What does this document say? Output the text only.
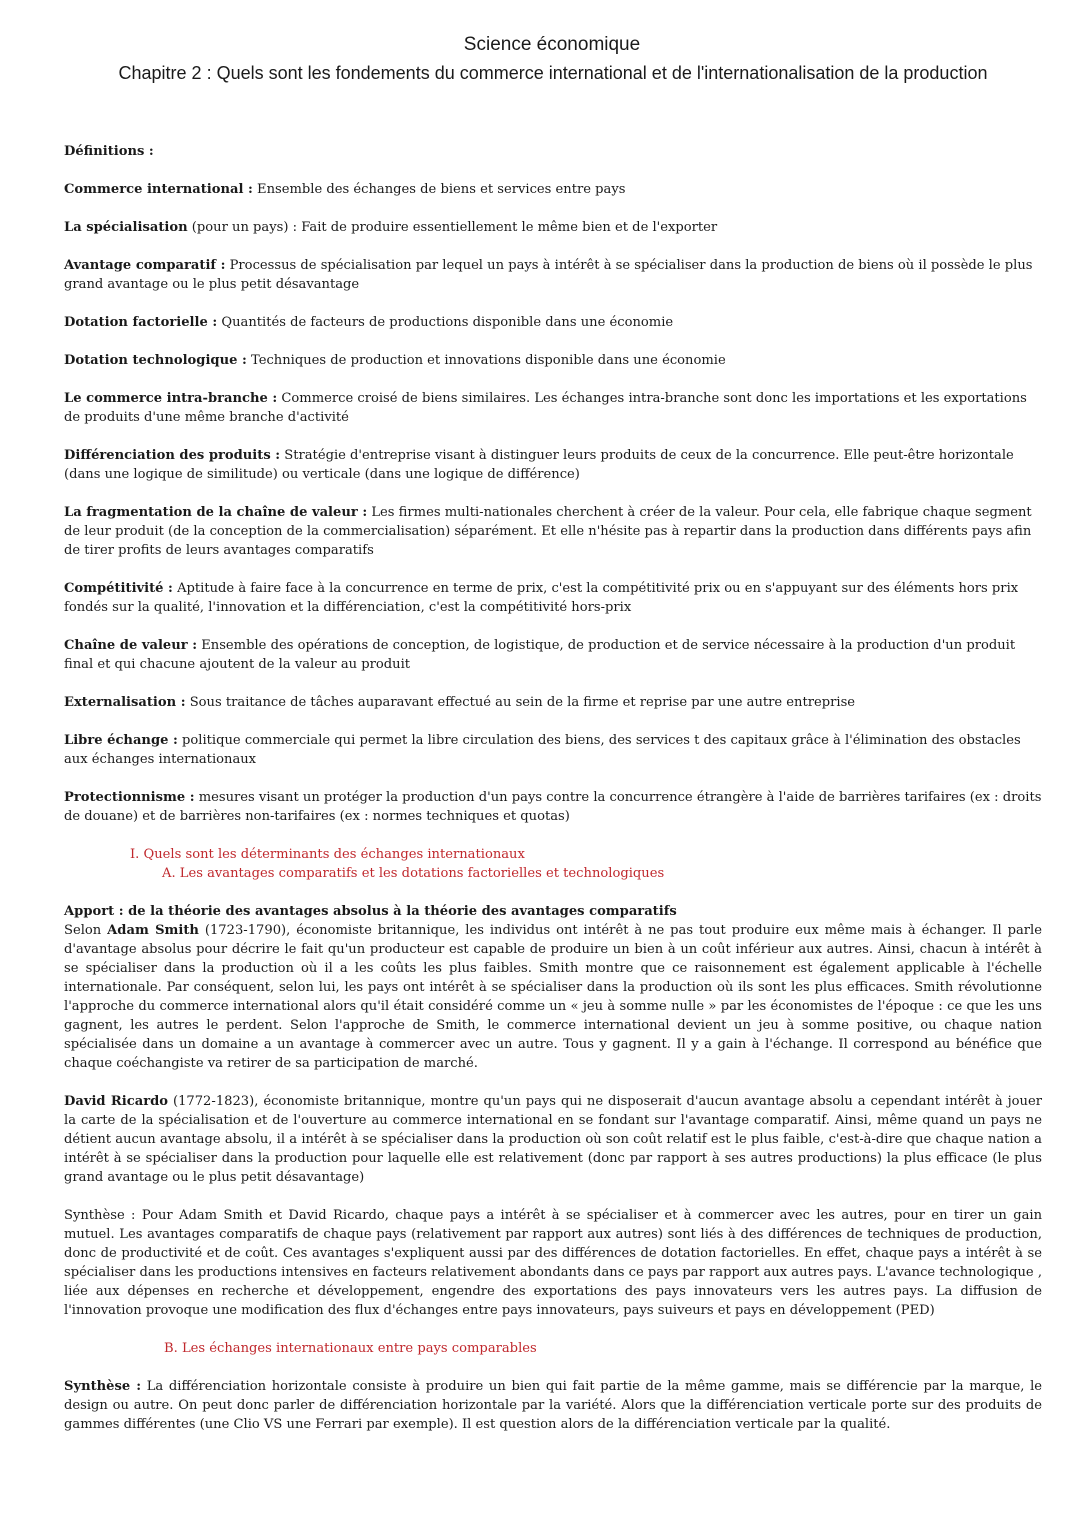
Science économique
Chapitre 2 : Quels sont les fondements du commerce international et de l'internationalisation de la production

Définitions :

Commerce international : Ensemble des échanges de biens et services entre pays

La spécialisation (pour un pays) : Fait de produire essentiellement le même bien et de l'exporter

Avantage comparatif : Processus de spécialisation par lequel un pays à intérêt à se spécialiser dans la production de biens où il possède le plus grand avantage ou le plus petit désavantage

Dotation factorielle : Quantités de facteurs de productions disponible dans une économie

Dotation technologique : Techniques de production et innovations disponible dans une économie

Le commerce intra-branche : Commerce croisé de biens similaires. Les échanges intra-branche sont donc les importations et les exportations de produits d'une même branche d'activité

Différenciation des produits : Stratégie d'entreprise visant à distinguer leurs produits de ceux de la concurrence. Elle peut-être horizontale (dans une logique de similitude) ou verticale (dans une logique de différence)

La fragmentation de la chaîne de valeur : Les firmes multi-nationales cherchent à créer de la valeur. Pour cela, elle fabrique chaque segment de leur produit (de la conception de la commercialisation) séparément. Et elle n'hésite pas à repartir dans la production dans différents pays afin de tirer profits de leurs avantages comparatifs

Compétitivité : Aptitude à faire face à la concurrence en terme de prix, c'est la compétitivité prix ou en s'appuyant sur des éléments hors prix fondés sur la qualité, l'innovation et la différenciation, c'est la compétitivité hors-prix

Chaîne de valeur : Ensemble des opérations de conception, de logistique, de production et de service nécessaire à la production d'un produit final et qui chacune ajoutent de la valeur au produit

Externalisation : Sous traitance de tâches auparavant effectué au sein de la firme et reprise par une autre entreprise

Libre échange : politique commerciale qui permet la libre circulation des biens, des services t des capitaux grâce à l'élimination des obstacles aux échanges internationaux

Protectionnisme : mesures visant un protéger la production d'un pays contre la concurrence étrangère à l'aide de barrières tarifaires (ex : droits de douane) et de barrières non-tarifaires (ex : normes techniques et quotas)

I. Quels sont les déterminants des échanges internationaux
A. Les avantages comparatifs et les dotations factorielles et technologiques

Apport : de la théorie des avantages absolus à la théorie des avantages comparatifs

Selon Adam Smith (1723-1790), économiste britannique, les individus ont intérêt à ne pas tout produire eux même mais à échanger. Il parle d'avantage absolus pour décrire le fait qu'un producteur est capable de produire un bien à un coût inférieur aux autres. Ainsi, chacun à intérêt à se spécialiser dans la production où il a les coûts les plus faibles. Smith montre que ce raisonnement est également applicable à l'échelle internationale. Par conséquent, selon lui, les pays ont intérêt à se spécialiser dans la production où ils sont les plus efficaces. Smith révolutionne l'approche du commerce international alors qu'il était considéré comme un « jeu à somme nulle » par les économistes de l'époque : ce que les uns gagnent, les autres le perdent. Selon l'approche de Smith, le commerce international devient un jeu à somme positive, ou chaque nation spécialisée dans un domaine a un avantage à commercer avec un autre. Tous y gagnent. Il y a gain à l'échange. Il correspond au bénéfice que chaque coéchangiste va retirer de sa participation de marché.

David Ricardo (1772-1823), économiste britannique, montre qu'un pays qui ne disposerait d'aucun avantage absolu a cependant intérêt à jouer la carte de la spécialisation et de l'ouverture au commerce international en se fondant sur l'avantage comparatif. Ainsi, même quand un pays ne détient aucun avantage absolu, il a intérêt à se spécialiser dans la production où son coût relatif est le plus faible, c'est-à-dire que chaque nation a intérêt à se spécialiser dans la production pour laquelle elle est relativement (donc par rapport à ses autres productions) la plus efficace (le plus grand avantage ou le plus petit désavantage)

Synthèse : Pour Adam Smith et David Ricardo, chaque pays a intérêt à se spécialiser et à commercer avec les autres, pour en tirer un gain mutuel. Les avantages comparatifs de chaque pays (relativement par rapport aux autres) sont liés à des différences de techniques de production, donc de productivité et de coût. Ces avantages s'expliquent aussi par des différences de dotation factorielles. En effet, chaque pays a intérêt à se spécialiser dans les productions intensives en facteurs relativement abondants dans ce pays par rapport aux autres pays. L'avance technologique , liée aux dépenses en recherche et développement, engendre des exportations des pays innovateurs vers les autres pays. La diffusion de l'innovation provoque une modification des flux d'échanges entre pays innovateurs, pays suiveurs et pays en développement (PED)

B. Les échanges internationaux entre pays comparables

Synthèse : La différenciation horizontale consiste à produire un bien qui fait partie de la même gamme, mais se différencie par la marque, le design ou autre. On peut donc parler de différenciation horizontale par la variété. Alors que la différenciation verticale porte sur des produits de gammes différentes (une Clio VS une Ferrari par exemple). Il est question alors de la différenciation verticale par la qualité.
